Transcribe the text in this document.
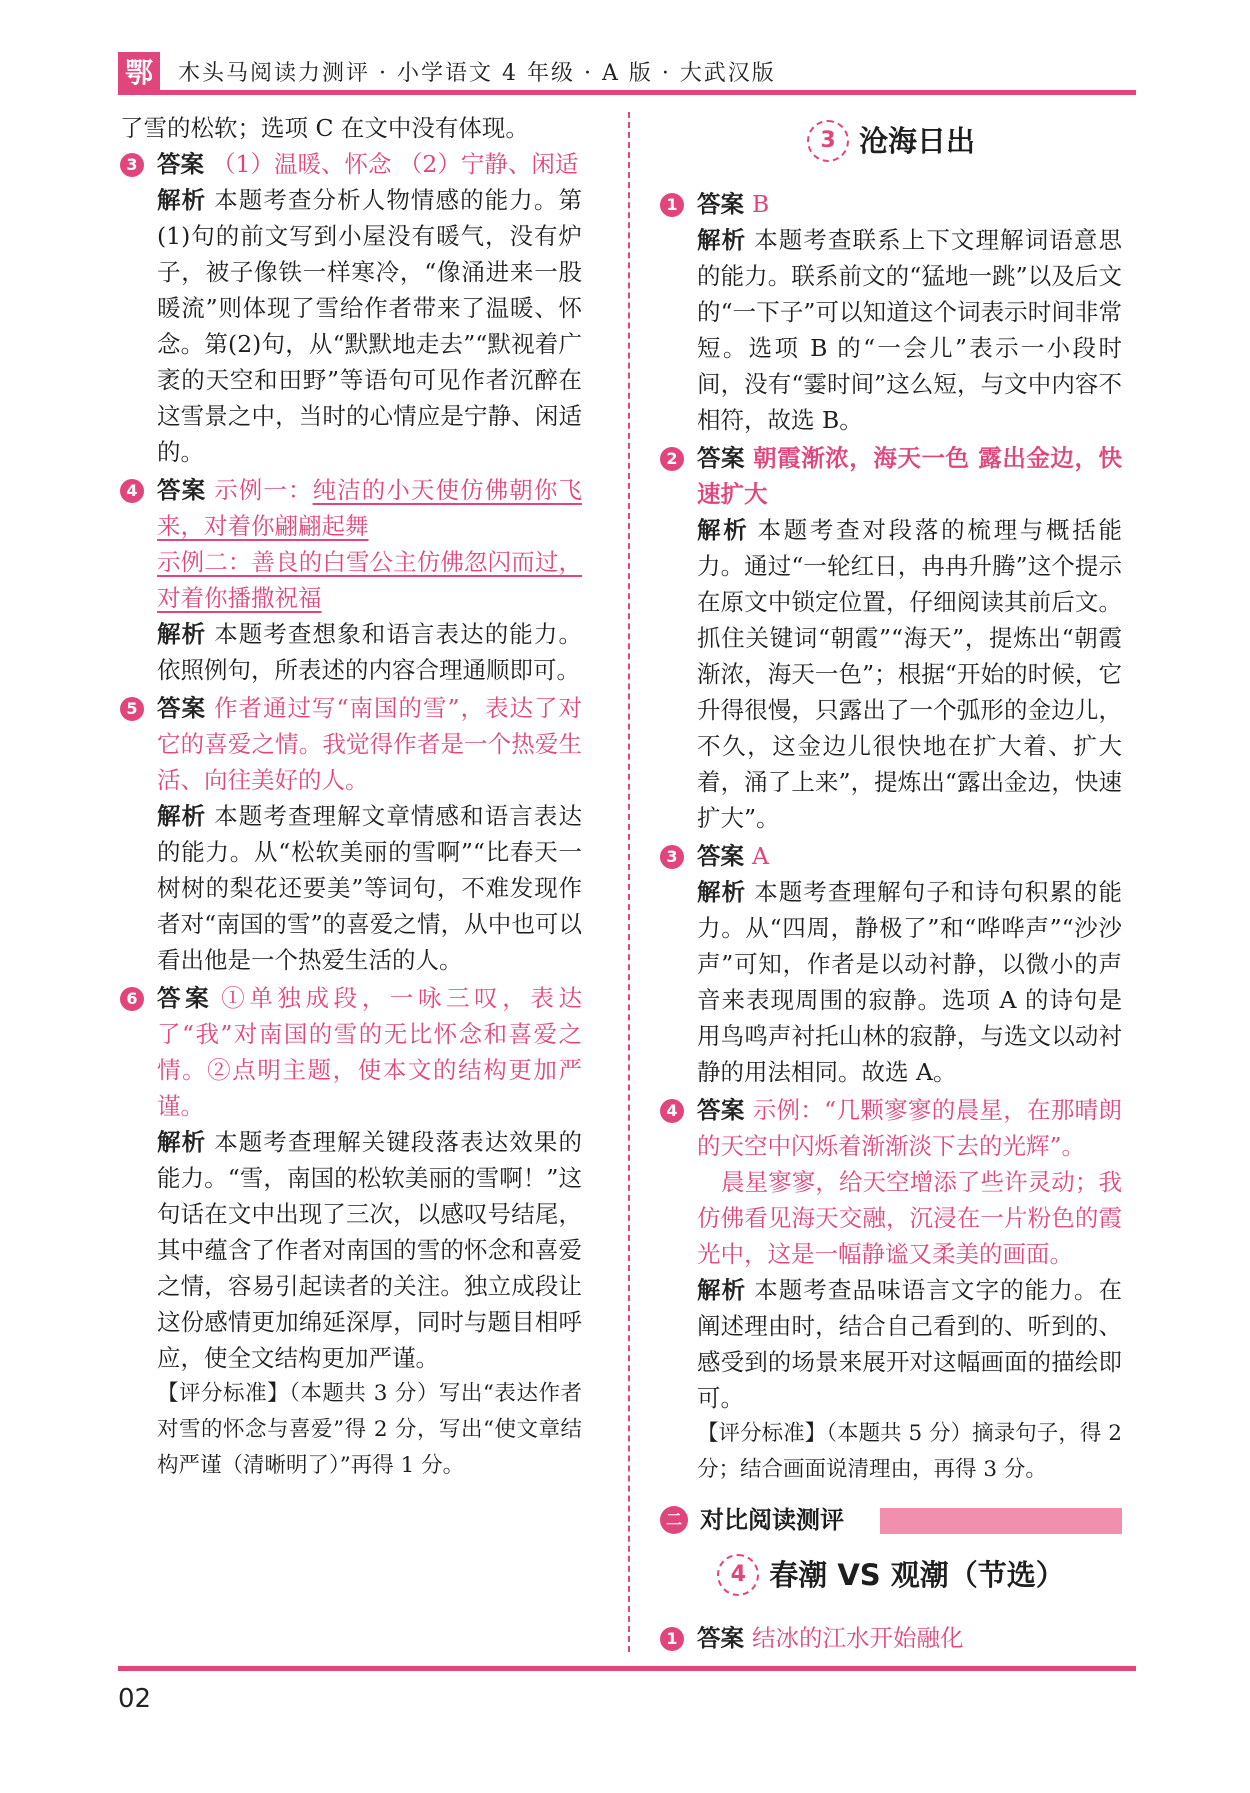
鄂	木头马阅读力测评 · 小学语文 4 年级 · A 版 · 大武汉版

了雪的松软；选项 C 在文中没有体现。

3 答案 （1）温暖、怀念 （2）宁静、闲适

解析 本题考查分析人物情感的能力。第(1)句的前文写到小屋没有暖气，没有炉子，被子像铁一样寒冷，“像涌进来一股暖流”则体现了雪给作者带来了温暖、怀念。第(2)句，从“默默地走去”“默视着广袤的天空和田野”等语句可见作者沉醉在这雪景之中，当时的心情应是宁静、闲适的。

4 答案 示例一：纯洁的小天使仿佛朝你飞来，对着你翩翩起舞

示例二：善良的白雪公主仿佛忽闪而过，对着你播撒祝福

解析 本题考查想象和语言表达的能力。依照例句，所表述的内容合理通顺即可。

5 答案 作者通过写“南国的雪”，表达了对它的喜爱之情。我觉得作者是一个热爱生活、向往美好的人。

解析 本题考查理解文章情感和语言表达的能力。从“松软美丽的雪啊”“比春天一树树的梨花还要美”等词句，不难发现作者对“南国的雪”的喜爱之情，从中也可以看出他是一个热爱生活的人。

6 答案 ①单独成段，一咏三叹，表达了“我”对南国的雪的无比怀念和喜爱之情。②点明主题，使本文的结构更加严谨。

解析 本题考查理解关键段落表达效果的能力。“雪，南国的松软美丽的雪啊！”这句话在文中出现了三次，以感叹号结尾，其中蕴含了作者对南国的雪的怀念和喜爱之情，容易引起读者的关注。独立成段让这份感情更加绵延深厚，同时与题目相呼应，使全文结构更加严谨。

【评分标准】（本题共 3 分）写出“表达作者对雪的怀念与喜爱”得 2 分，写出“使文章结构严谨（清晰明了）”再得 1 分。

3 沧海日出
1 答案 B

解析 本题考查联系上下文理解词语意思的能力。联系前文的“猛地一跳”以及后文的“一下子”可以知道这个词表示时间非常短。选项 B 的“一会儿”表示一小段时间，没有“霎时间”这么短，与文中内容不相符，故选 B。

2 答案 朝霞渐浓，海天一色 露出金边，快速扩大

解析 本题考查对段落的梳理与概括能力。通过“一轮红日，冉冉升腾”这个提示在原文中锁定位置，仔细阅读其前后文。抓住关键词“朝霞”“海天”，提炼出“朝霞渐浓，海天一色”；根据“开始的时候，它升得很慢，只露出了一个弧形的金边儿，不久，这金边儿很快地在扩大着、扩大着，涌了上来”，提炼出“露出金边，快速扩大”。

3 答案 A

解析 本题考查理解句子和诗句积累的能力。从“四周，静极了”和“哗哗声”“沙沙声”可知，作者是以动衬静，以微小的声音来表现周围的寂静。选项 A 的诗句是用鸟鸣声衬托山林的寂静，与选文以动衬静的用法相同。故选 A。

4 答案 示例：“几颗寥寥的晨星，在那晴朗的天空中闪烁着渐渐淡下去的光辉”。

晨星寥寥，给天空增添了些许灵动；我仿佛看见海天交融，沉浸在一片粉色的霞光中，这是一幅静谧又柔美的画面。

解析 本题考查品味语言文字的能力。在阐述理由时，结合自己看到的、听到的、感受到的场景来展开对这幅画面的描绘即可。

【评分标准】（本题共 5 分）摘录句子，得 2 分；结合画面说清理由，再得 3 分。

二 对比阅读测评
4 春潮 VS 观潮（节选）
1 答案 结冰的江水开始融化
02
